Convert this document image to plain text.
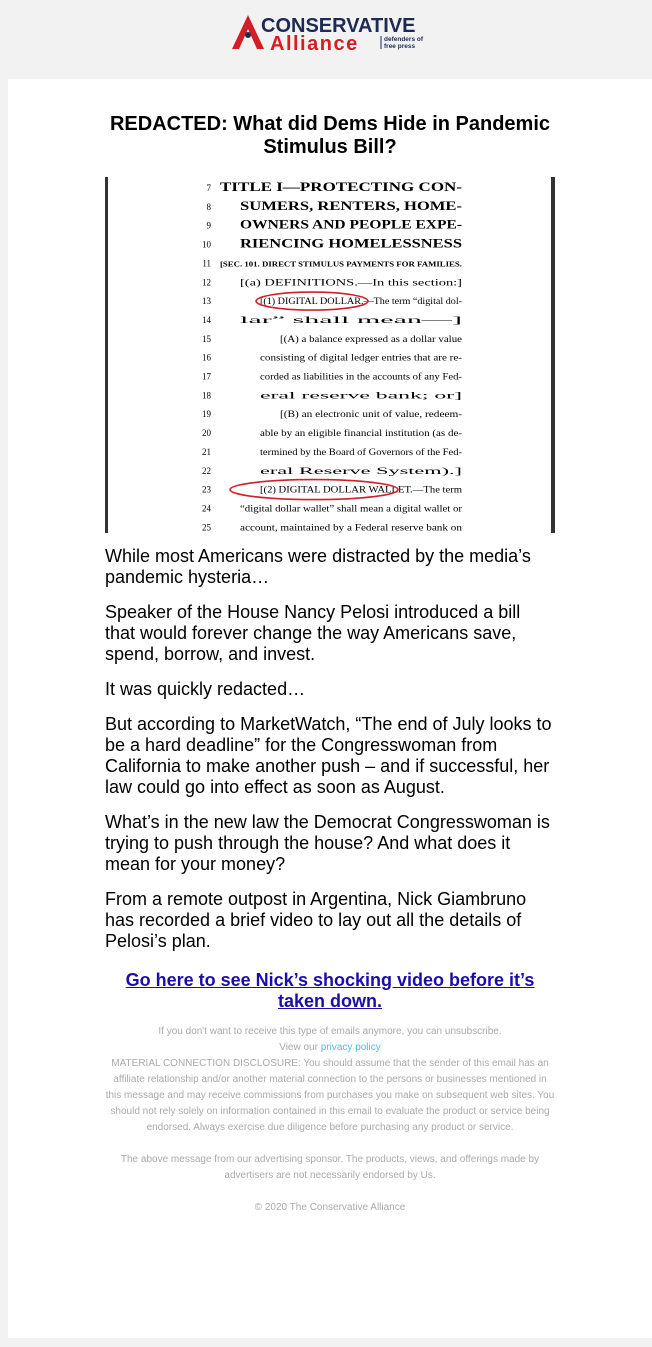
CONSERVATIVE
Alliance	defenders of
free press
REDACTED: What did Dems Hide in Pandemic Stimulus Bill?
7 TITLE I—PROTECTING CON-
8 SUMERS, RENTERS, HOME-
9 OWNERS AND PEOPLE EXPE-
10 RIENCING HOMELESSNESS
11 [SEC. 101. DIRECT STIMULUS PAYMENTS FOR FAMILIES.
12	[(a) DEFINITIONS.—In this section:]
13	[(1) DIGITAL DOLLAR.—The term “digital dol-
14	lar” shall mean—]
15	[(A) a balance expressed as a dollar value
16	consisting of digital ledger entries that are re-
17	corded as liabilities in the accounts of any Fed-
18	eral reserve bank; or]
19	[(B) an electronic unit of value, redeem-
20	able by an eligible financial institution (as de-
21	termined by the Board of Governors of the Fed-
22	eral Reserve System).]
23	[(2) DIGITAL DOLLAR WALLET.—The term
24	“digital dollar wallet” shall mean a digital wallet or
25	account, maintained by a Federal reserve bank on

While most Americans were distracted by the media’s pandemic hysteria…

Speaker of the House Nancy Pelosi introduced a bill that would forever change the way Americans save, spend, borrow, and invest.

It was quickly redacted…

But according to MarketWatch, “The end of July looks to be a hard deadline” for the Congresswoman from California to make another push – and if successful, her law could go into effect as soon as August.

What’s in the new law the Democrat Congresswoman is trying to push through the house? And what does it mean for your money?

From a remote outpost in Argentina, Nick Giambruno has recorded a brief video to lay out all the details of Pelosi’s plan.

Go here to see Nick’s shocking video before it’s taken down.

If you don't want to receive this type of emails anymore, you can unsubscribe.

View our privacy policy

MATERIAL CONNECTION DISCLOSURE: You should assume that the sender of this email has an affiliate relationship and/or another material connection to the persons or businesses mentioned in this message and may receive commissions from purchases you make on subsequent web sites. You should not rely solely on information contained in this email to evaluate the product or service being endorsed. Always exercise due diligence before purchasing any product or service.

The above message from our advertising sponsor. The products, views, and offerings made by advertisers are not necessarily endorsed by Us.

© 2020 The Conservative Alliance
